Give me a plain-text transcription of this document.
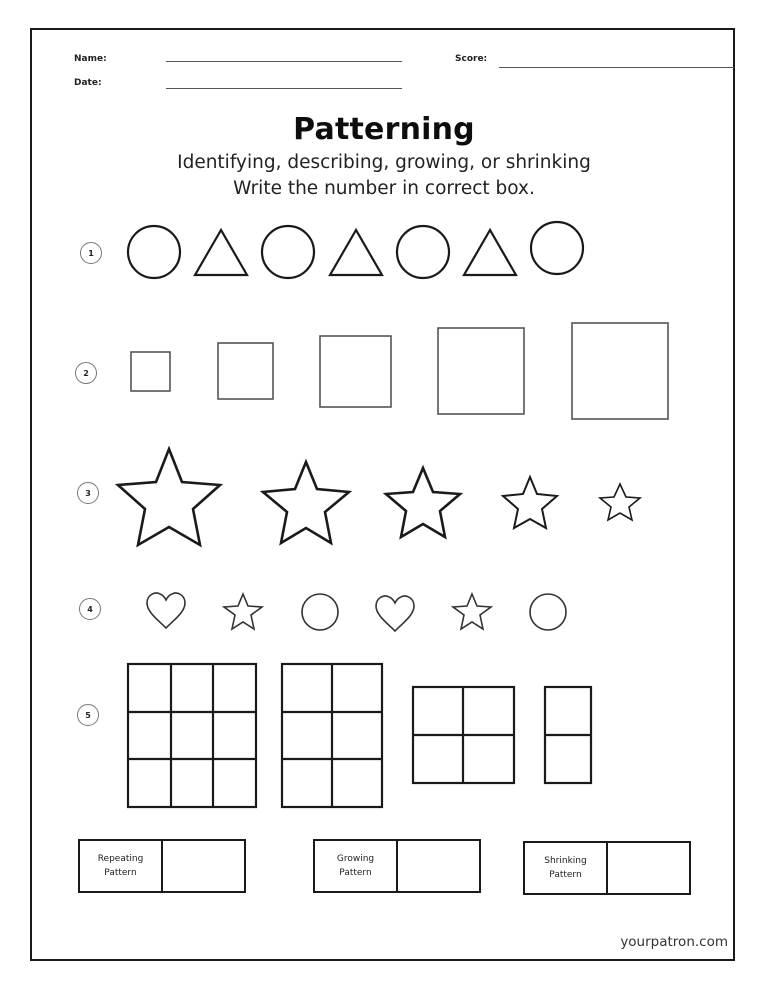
Name:
Date:
Score:
Patterning
Identifying, describing, growing, or shrinking
Write the number in correct box.
1
2
3
4
5
Repeating
Pattern
Growing
Pattern
Shrinking
Pattern
yourpatron.com
